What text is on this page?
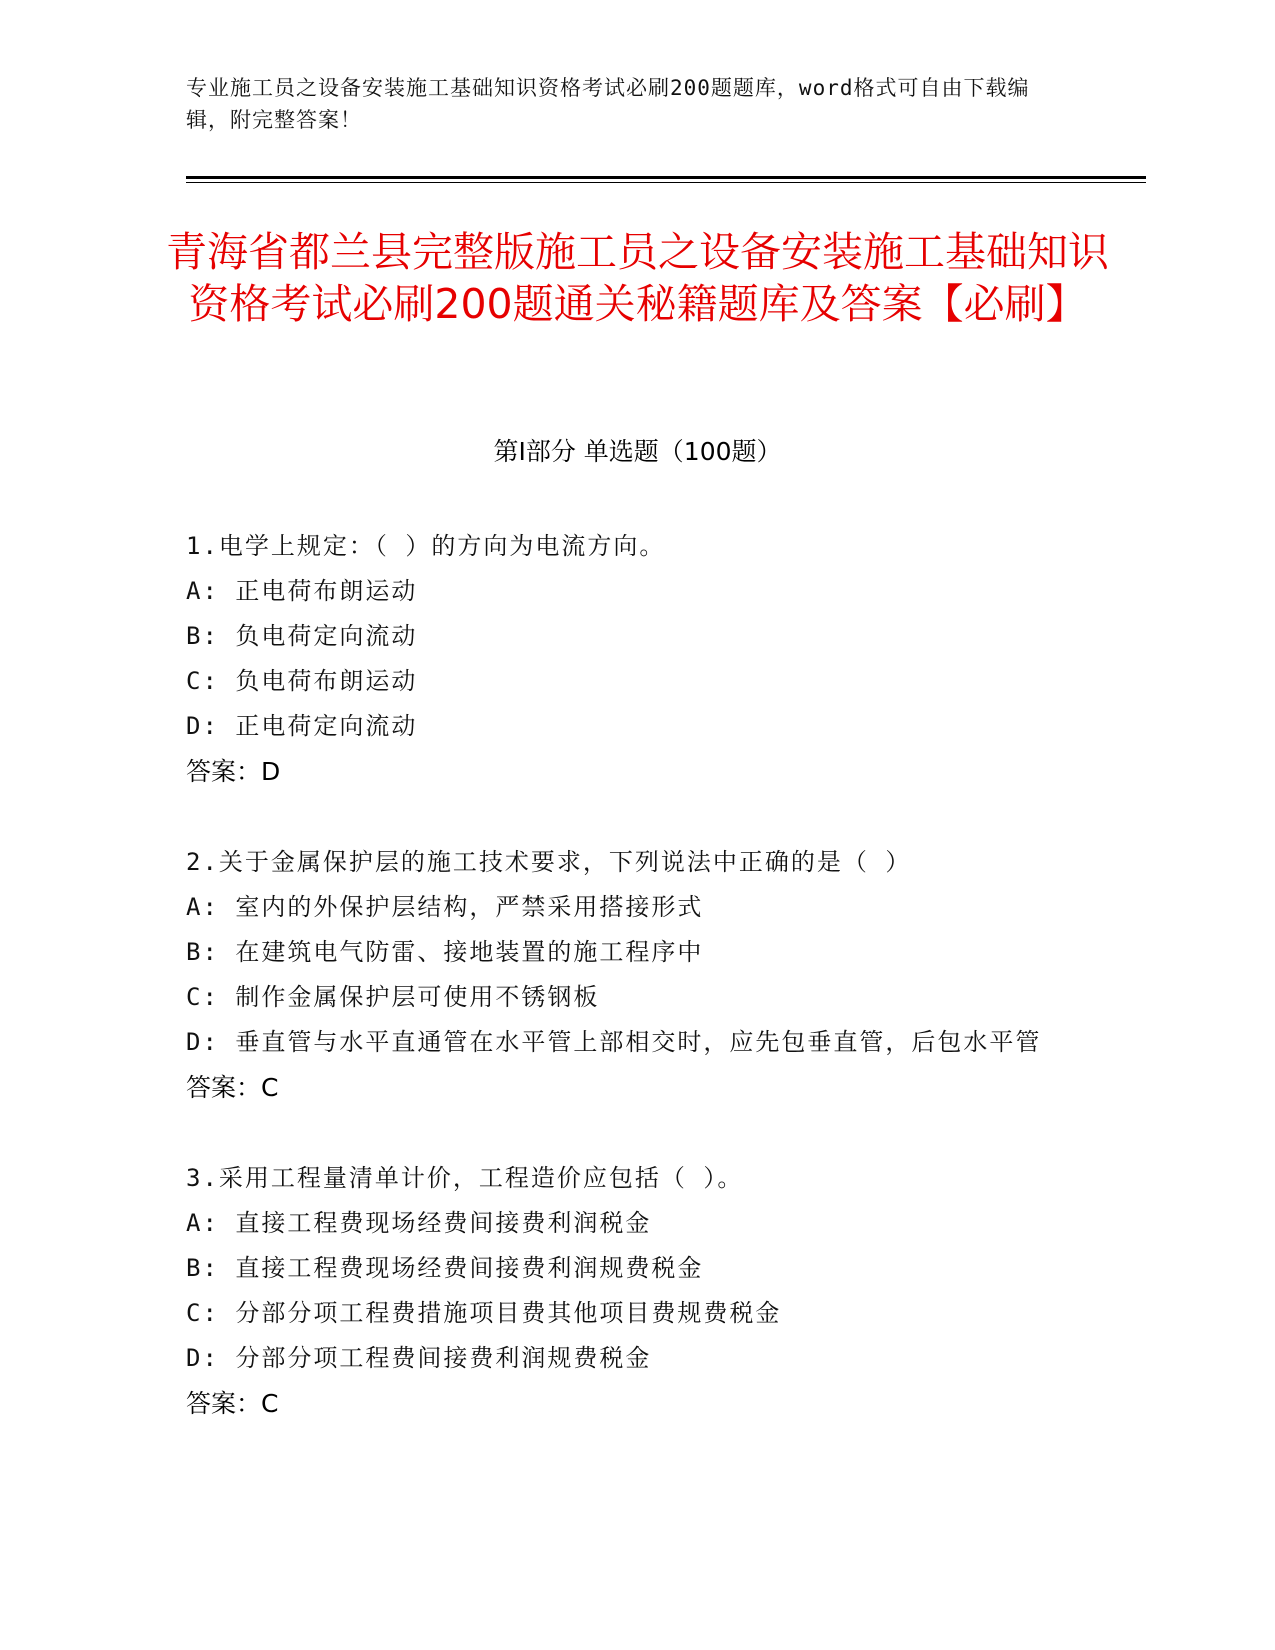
专业施工员之设备安装施工基础知识资格考试必刷200题题库，word格式可自由下载编辑，附完整答案！
青海省都兰县完整版施工员之设备安装施工基础知识资格考试必刷200题通关秘籍题库及答案【必刷】
第Ⅰ部分 单选题（100题）
1.电学上规定：（ ）的方向为电流方向。
A: 正电荷布朗运动
B: 负电荷定向流动
C: 负电荷布朗运动
D: 正电荷定向流动
答案：D
2.关于金属保护层的施工技术要求，下列说法中正确的是（ ）
A: 室内的外保护层结构，严禁采用搭接形式
B: 在建筑电气防雷、接地装置的施工程序中
C: 制作金属保护层可使用不锈钢板
D: 垂直管与水平直通管在水平管上部相交时，应先包垂直管，后包水平管
答案：C
3.采用工程量清单计价，工程造价应包括（ ）。
A: 直接工程费现场经费间接费利润税金
B: 直接工程费现场经费间接费利润规费税金
C: 分部分项工程费措施项目费其他项目费规费税金
D: 分部分项工程费间接费利润规费税金
答案：C
